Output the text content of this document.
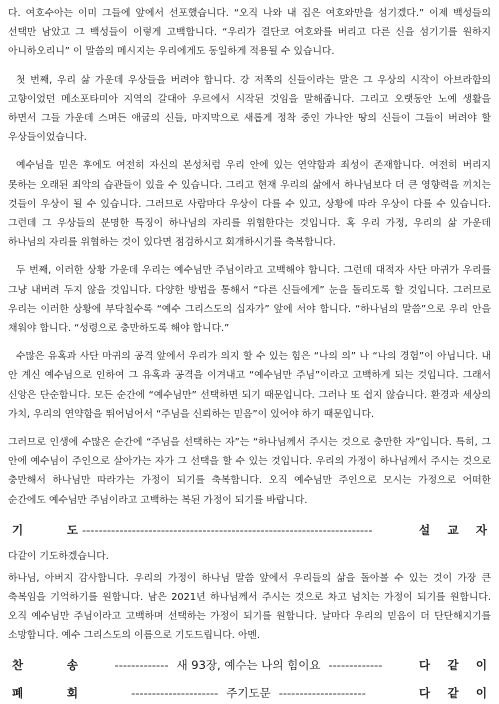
다. 여호수아는 이미 그들에 앞에서 선포했습니다. “오직 나와 내 집은 여호와만을 섬기겠다.” 이제 백성들의 선택만 남았고 그 백성들이 이렇게 고백합니다. “우리가 결단코 여호와를 버리고 다른 신을 섬기기를 원하지 아니하오리니” 이 말씀의 메시지는 우리에게도 동일하게 적용될 수 있습니다.

첫 번째, 우리 삶 가운데 우상들을 버려야 합니다. 강 저쪽의 신들이라는 말은 그 우상의 시작이 아브라함의 고향이었던 메소포타미아 지역의 갈대아 우르에서 시작된 것임을 말해줍니다. 그리고 오랫동안 노예 생활을 하면서 그들 가운데 스며든 애굽의 신들, 마지막으로 새롭게 정착 중인 가나안 땅의 신들이 그들이 버려야 할 우상들이었습니다.

예수님을 믿은 후에도 여전히 자신의 본성처럼 우리 안에 있는 연약함과 죄성이 존재합니다. 여전히 버리지 못하는 오래된 죄악의 습관들이 있을 수 있습니다. 그리고 현재 우리의 삶에서 하나님보다 더 큰 영향력을 끼치는 것들이 우상이 될 수 있습니다. 그러므로 사람마다 우상이 다를 수 있고, 상황에 따라 우상이 다를 수 있습니다. 그런데 그 우상들의 분명한 특징이 하나님의 자리를 위협한다는 것입니다. 혹 우리 가정, 우리의 삶 가운데 하나님의 자리를 위협하는 것이 있다면 점검하시고 회개하시기를 축복합니다.

두 번째, 이러한 상황 가운데 우리는 예수님만 주님이라고 고백해야 합니다. 그런데 대적자 사단 마귀가 우리를 그냥 내버려 두지 않을 것입니다. 다양한 방법을 통해서 “다른 신들에게” 눈을 돌리도록 할 것입니다. 그러므로 우리는 이러한 상황에 부닥칠수록 “예수 그리스도의 십자가” 앞에 서야 합니다. “하나님의 말씀”으로 우리 안을 채워야 합니다. “성령으로 충만하도록 해야 합니다.”

수많은 유혹과 사단 마귀의 공격 앞에서 우리가 의지 할 수 있는 힘은 “나의 의” 나 “나의 경험”이 아닙니다. 내 안 계신 예수님으로 인하여 그 유혹과 공격을 이겨내고 “예수님만 주님”이라고 고백하게 되는 것입니다. 그래서 신앙은 단순합니다. 모든 순간에 “예수님만” 선택하면 되기 때문입니다. 그러나 또 쉽지 않습니다. 환경과 세상의 가치, 우리의 연약함을 뛰어넘어서 “주님을 신뢰하는 믿음”이 있어야 하기 때문입니다.

그러므로 인생에 수많은 순간에 “주님을 선택하는 자”는 “하나님께서 주시는 것으로 충만한 자”입니다. 특히, 그 안에 예수님이 주인으로 살아가는 자가 그 선택을 할 수 있는 것입니다. 우리의 가정이 하나님께서 주시는 것으로 충만해서 하나님만 따라가는 가정이 되기를 축복합니다. 오직 예수님만 주인으로 모시는 가정으로 어떠한 순간에도 예수님만 주님이라고 고백하는 복된 가정이 되기를 바랍니다.

기	도 ----------------------------------------------------------------------	설 교 자

다같이 기도하겠습니다.

하나님, 아버지 감사합니다. 우리의 가정이 하나님 말씀 앞에서 우리들의 삶을 돌아볼 수 있는 것이 가장 큰 축복임을 기억하기를 원합니다. 남은 2021년 하나님께서 주시는 것으로 차고 넘치는 가정이 되기를 원합니다. 오직 예수님만 주님이라고 고백하며 선택하는 가정이 되기를 원합니다. 날마다 우리의 믿음이 더 단단해지기를 소망합니다. 예수 그리스도의 이름으로 기도드립니다. 아멘.

찬	송	------------- 새 93장, 예수는 나의 힘이요 -------------	다 같 이
폐	회	--------------------- 주기도문 ---------------------	다 같 이
